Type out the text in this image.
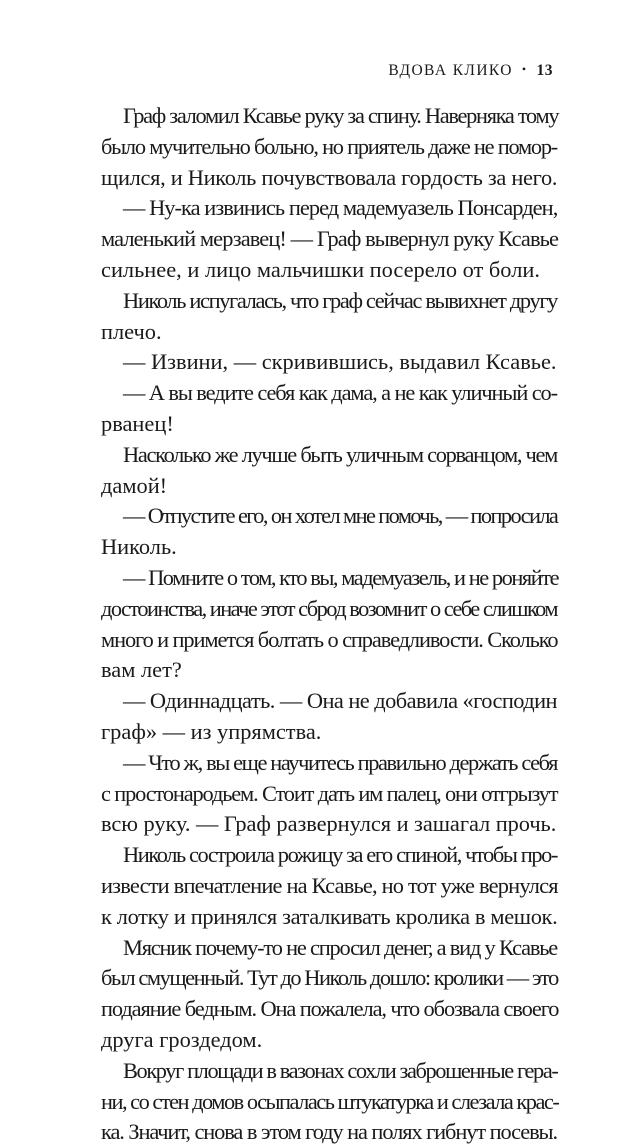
ВДОВА КЛИКО • 13
Граф заломил Ксавье руку за спину. Наверняка тому
было мучительно больно, но приятель даже не помор-
щился, и Николь почувствовала гордость за него.
— Ну-ка извинись перед мадемуазель Понсарден,
маленький мерзавец! — Граф вывернул руку Ксавье
сильнее, и лицо мальчишки посерело от боли.
Николь испугалась, что граф сейчас вывихнет другу
плечо.
— Извини, — скривившись, выдавил Ксавье.
— А вы ведите себя как дама, а не как уличный со-
рванец!
Насколько же лучше быть уличным сорванцом, чем
дамой!
— Отпустите его, он хотел мне помочь, — попросила
Николь.
— Помните о том, кто вы, мадемуазель, и не роняйте
достоинства, иначе этот сброд возомнит о себе слишком
много и примется болтать о справедливости. Сколько
вам лет?
— Одиннадцать. — Она не добавила «господин
граф» — из упрямства.
— Что ж, вы еще научитесь правильно держать себя
с простонародьем. Стоит дать им палец, они отгрызут
всю руку. — Граф развернулся и зашагал прочь.
Николь состроила рожицу за его спиной, чтобы про-
извести впечатление на Ксавье, но тот уже вернулся
к лотку и принялся заталкивать кролика в мешок.
Мясник почему-то не спросил денег, а вид у Ксавье
был смущенный. Тут до Николь дошло: кролики — это
подаяние бедным. Она пожалела, что обозвала своего
друга гроздедом.
Вокруг площади в вазонах сохли заброшенные гера-
ни, со стен домов осыпалась штукатурка и слезала крас-
ка. Значит, снова в этом году на полях гибнут посевы.
